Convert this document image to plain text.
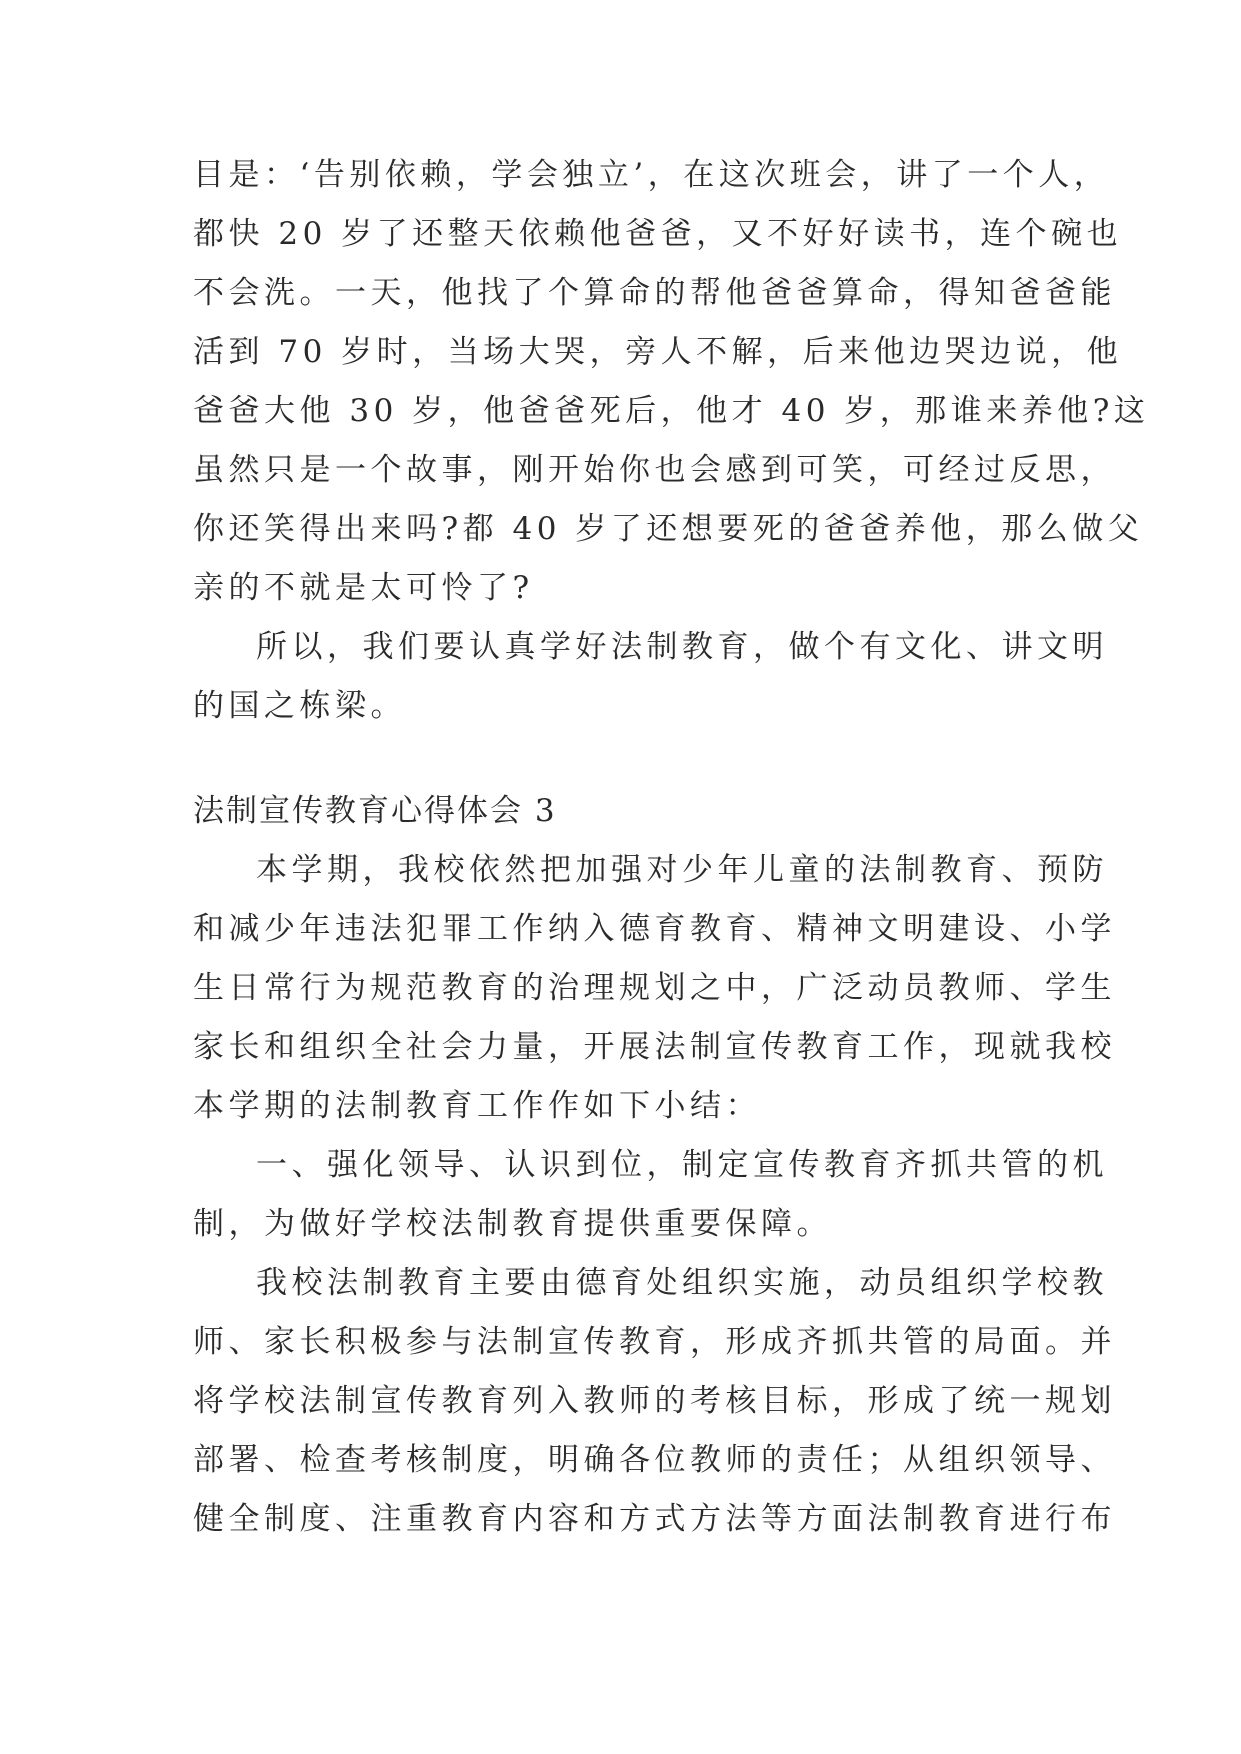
目是：‘告别依赖，学会独立’，在这次班会，讲了一个人，
都快 20 岁了还整天依赖他爸爸，又不好好读书，连个碗也
不会洗。一天，他找了个算命的帮他爸爸算命，得知爸爸能
活到 70 岁时，当场大哭，旁人不解，后来他边哭边说，他
爸爸大他 30 岁，他爸爸死后，他才 40 岁，那谁来养他?这
虽然只是一个故事，刚开始你也会感到可笑，可经过反思，
你还笑得出来吗?都 40 岁了还想要死的爸爸养他，那么做父
亲的不就是太可怜了?
所以，我们要认真学好法制教育，做个有文化、讲文明
的国之栋梁。
法制宣传教育心得体会 3
本学期，我校依然把加强对少年儿童的法制教育、预防
和减少年违法犯罪工作纳入德育教育、精神文明建设、小学
生日常行为规范教育的治理规划之中，广泛动员教师、学生
家长和组织全社会力量，开展法制宣传教育工作，现就我校
本学期的法制教育工作作如下小结：
一、强化领导、认识到位，制定宣传教育齐抓共管的机
制，为做好学校法制教育提供重要保障。
我校法制教育主要由德育处组织实施，动员组织学校教
师、家长积极参与法制宣传教育，形成齐抓共管的局面。并
将学校法制宣传教育列入教师的考核目标，形成了统一规划
部署、检查考核制度，明确各位教师的责任；从组织领导、
健全制度、注重教育内容和方式方法等方面法制教育进行布
